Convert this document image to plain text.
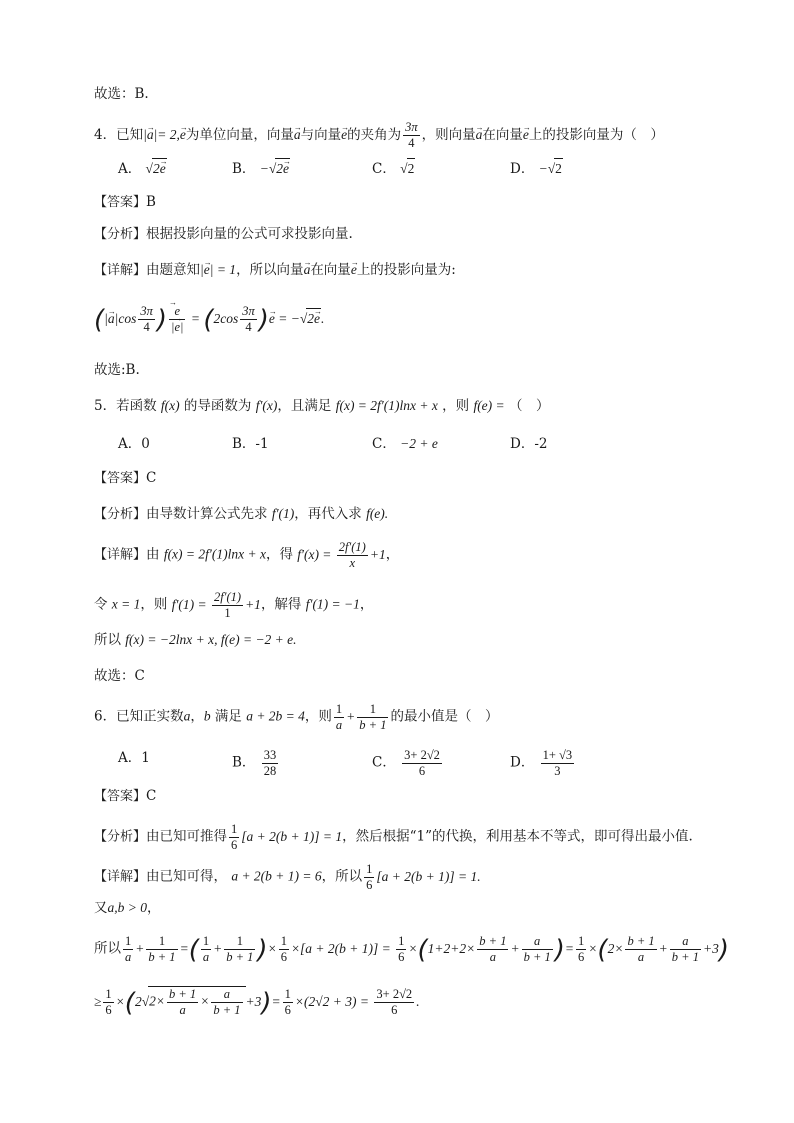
故选：B.
4．已知|→ a|= 2,→ e为单位向量，向量→ a与向量→ e的夹角为 $\frac{3\pi}{4}$ ，则向量→ a在向量→ e上的投影向量为（　）
A． √2→ e	B． −√2→ e	C． √2	D． −√2
【答案】B
【分析】根据投影向量的公式可求投影向量.
【详解】由题意知|→ e| = 1，所以向量→ a在向量→ e上的投影向量为:
(|→ $a|\cos \frac{3\pi}{4}$ )
→ $\frac{e}{|\to e|} = (2\cos \frac{3\pi}{4}$ )→ e = −√2→ e.
故选:B.
5．若函数 f(x) 的导函数为 f′(x)，且满足 f(x) = 2f′(1)lnx + x ，则 f(e) = （　）
A．0	B．-1	C． −2 + e	D．-2
【答案】C
【分析】由导数计算公式先求 f′(1)，再代入求 f(e).
【详解】由 f(x) = 2f′(1)lnx + x，得 $f'(x) = \frac{2f'(1)}{x} +1$，
令 x = 1，则 $f'(1) = \frac{2f'(1)}{1} +1$，解得 f′(1) = −1，
所以 f(x) = −2lnx + x, f(e) = −2 + e.
故选：C
6．已知正实数a，b 满足 a + 2b = 4，则 $\frac{1}{a} + \frac{1}{b + 1}$ 的最小值是（　）
A．1	B． $\frac{33}{28}$	C． $\frac{3+ 2√2}{6}$	D． $\frac{1+ √3}{3}$
【答案】C
【分析】由已知可推得 $\frac{1}{6} [a + 2(b + 1)] = 1$，然后根据“1”的代换，利用基本不等式，即可得出最小值.
【详解】由已知可得， a + 2(b + 1) = 6，所以 $\frac{1}{6} [a + 2(b + 1)] = 1$.
又a,b > 0，
所以 $\frac{1}{a} + \frac{1}{b + 1}$ =( $\frac{1}{a} + \frac{1}{b + 1}$ )× $\frac{1}{6} \times[a + 2(b + 1)] = \frac{1}{6} \times(1+2+2\times \frac{b + 1}{a} + \frac{a}{b + 1}$ )= $\frac{1}{6} \times(2\times \frac{b + 1}{a} + \frac{a}{b + 1} +3)$
≥ $\frac{1}{6} \times(2√2\times \frac{b + 1}{a} \times \frac{a}{b + 1} +3)= \frac{1}{6} \times(2√2 + 3) = \frac{3+ 2√2}{6}$ .
